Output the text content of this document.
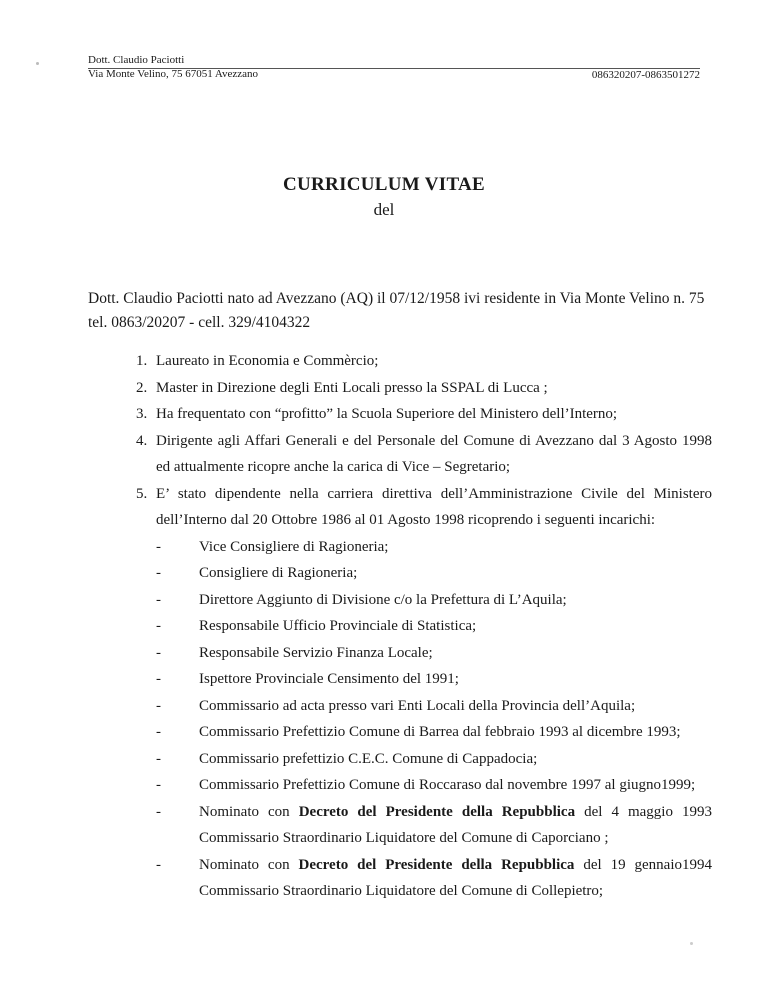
Dott. Claudio Paciotti
Via Monte Velino, 75 67051 Avezzano	086320207-0863501272
CURRICULUM VITAE
del
Dott. Claudio Paciotti nato ad Avezzano (AQ) il 07/12/1958 ivi residente in Via Monte Velino n. 75
tel. 0863/20207 - cell. 329/4104322
1. Laureato in Economia e Commèrcio;
2. Master in Direzione degli Enti Locali presso la SSPAL di Lucca ;
3. Ha frequentato con “profitto” la Scuola Superiore del Ministero dell’Interno;
4. Dirigente agli Affari Generali e del Personale del Comune di Avezzano dal 3 Agosto 1998 ed attualmente ricopre anche la carica di Vice – Segretario;
5. E’ stato dipendente nella carriera direttiva dell’Amministrazione Civile del Ministero dell’Interno dal 20 Ottobre 1986 al 01 Agosto 1998 ricoprendo i seguenti incarichi:
-	Vice Consigliere di Ragioneria;
-	Consigliere di Ragioneria;
-	Direttore Aggiunto di Divisione c/o la Prefettura di L’Aquila;
-	Responsabile Ufficio Provinciale di Statistica;
-	Responsabile Servizio Finanza Locale;
-	Ispettore Provinciale Censimento del 1991;
-	Commissario ad acta presso vari Enti Locali della Provincia dell’Aquila;
-	Commissario Prefettizio Comune di Barrea dal febbraio 1993 al dicembre 1993;
-	Commissario prefettizio C.E.C. Comune di Cappadocia;
-	Commissario Prefettizio Comune di Roccaraso dal novembre 1997 al giugno1999;
-	Nominato con Decreto del Presidente della Repubblica del 4 maggio 1993 Commissario Straordinario Liquidatore del Comune di Caporciano ;
-	Nominato con Decreto del Presidente della Repubblica del 19 gennaio1994 Commissario Straordinario Liquidatore del Comune di Collepietro;
